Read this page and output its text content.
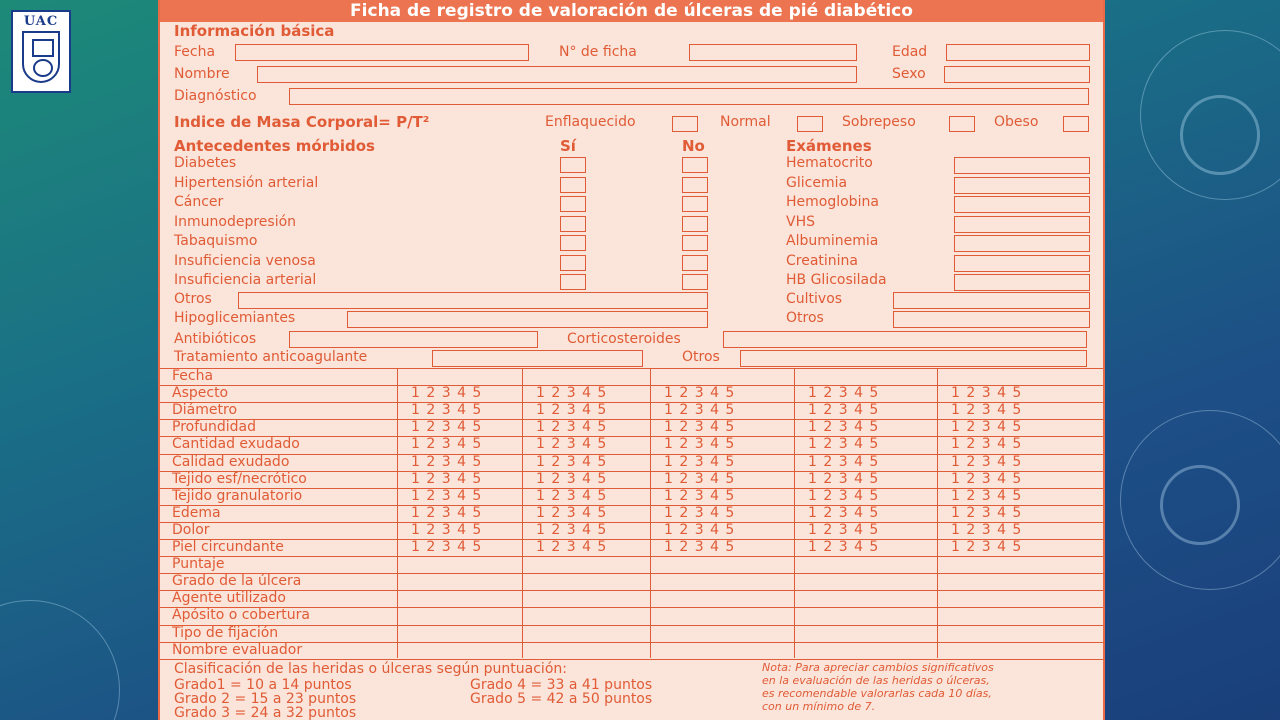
UAC
Ficha de registro de valoración de úlceras de pié diabético
Información básica
Fecha	N° de ficha	Edad
Nombre	Sexo
Diagnóstico
Indice de Masa Corporal= P/T²	Enflaquecido	Normal	Sobrepeso	Obeso
Antecedentes mórbidos	Sí	No	Exámenes
Otros	Cultivos
Hipoglicemiantes	Otros
Antibióticos	Corticosteroides
Tratamiento anticoagulante	Otros
Fecha
Aspecto	1 2 3 4 5	1 2 3 4 5	1 2 3 4 5	1 2 3 4 5	1 2 3 4 5
Diámetro	1 2 3 4 5	1 2 3 4 5	1 2 3 4 5	1 2 3 4 5	1 2 3 4 5
Profundidad	1 2 3 4 5	1 2 3 4 5	1 2 3 4 5	1 2 3 4 5	1 2 3 4 5
Cantidad exudado	1 2 3 4 5	1 2 3 4 5	1 2 3 4 5	1 2 3 4 5	1 2 3 4 5
Calidad exudado	1 2 3 4 5	1 2 3 4 5	1 2 3 4 5	1 2 3 4 5	1 2 3 4 5
Tejido esf/necrótico	1 2 3 4 5	1 2 3 4 5	1 2 3 4 5	1 2 3 4 5	1 2 3 4 5
Tejido granulatorio	1 2 3 4 5	1 2 3 4 5	1 2 3 4 5	1 2 3 4 5	1 2 3 4 5
Edema	1 2 3 4 5	1 2 3 4 5	1 2 3 4 5	1 2 3 4 5	1 2 3 4 5
Dolor	1 2 3 4 5	1 2 3 4 5	1 2 3 4 5	1 2 3 4 5	1 2 3 4 5
Piel circundante	1 2 3 4 5	1 2 3 4 5	1 2 3 4 5	1 2 3 4 5	1 2 3 4 5
Puntaje
Grado de la úlcera
Agente utilizado
Apósito o cobertura
Tipo de fijación
Nombre evaluador
Clasificación de las heridas o úlceras según puntuación:
Grado1 = 10 a 14 puntos
Grado 2 = 15 a 23 puntos
Grado 3 = 24 a 32 puntos
Grado 4 = 33 a 41 puntos
Grado 5 = 42 a 50 puntos
Nota: Para apreciar cambios significativos
en la evaluación de las heridas o úlceras,
es recomendable valorarlas cada 10 días,
con un mínimo de 7.
Diabetes	Hematocrito
Hipertensión arterial	Glicemia
Cáncer	Hemoglobina
Inmunodepresión	VHS
Tabaquismo	Albuminemia
Insuficiencia venosa	Creatinina
Insuficiencia arterial	HB Glicosilada
